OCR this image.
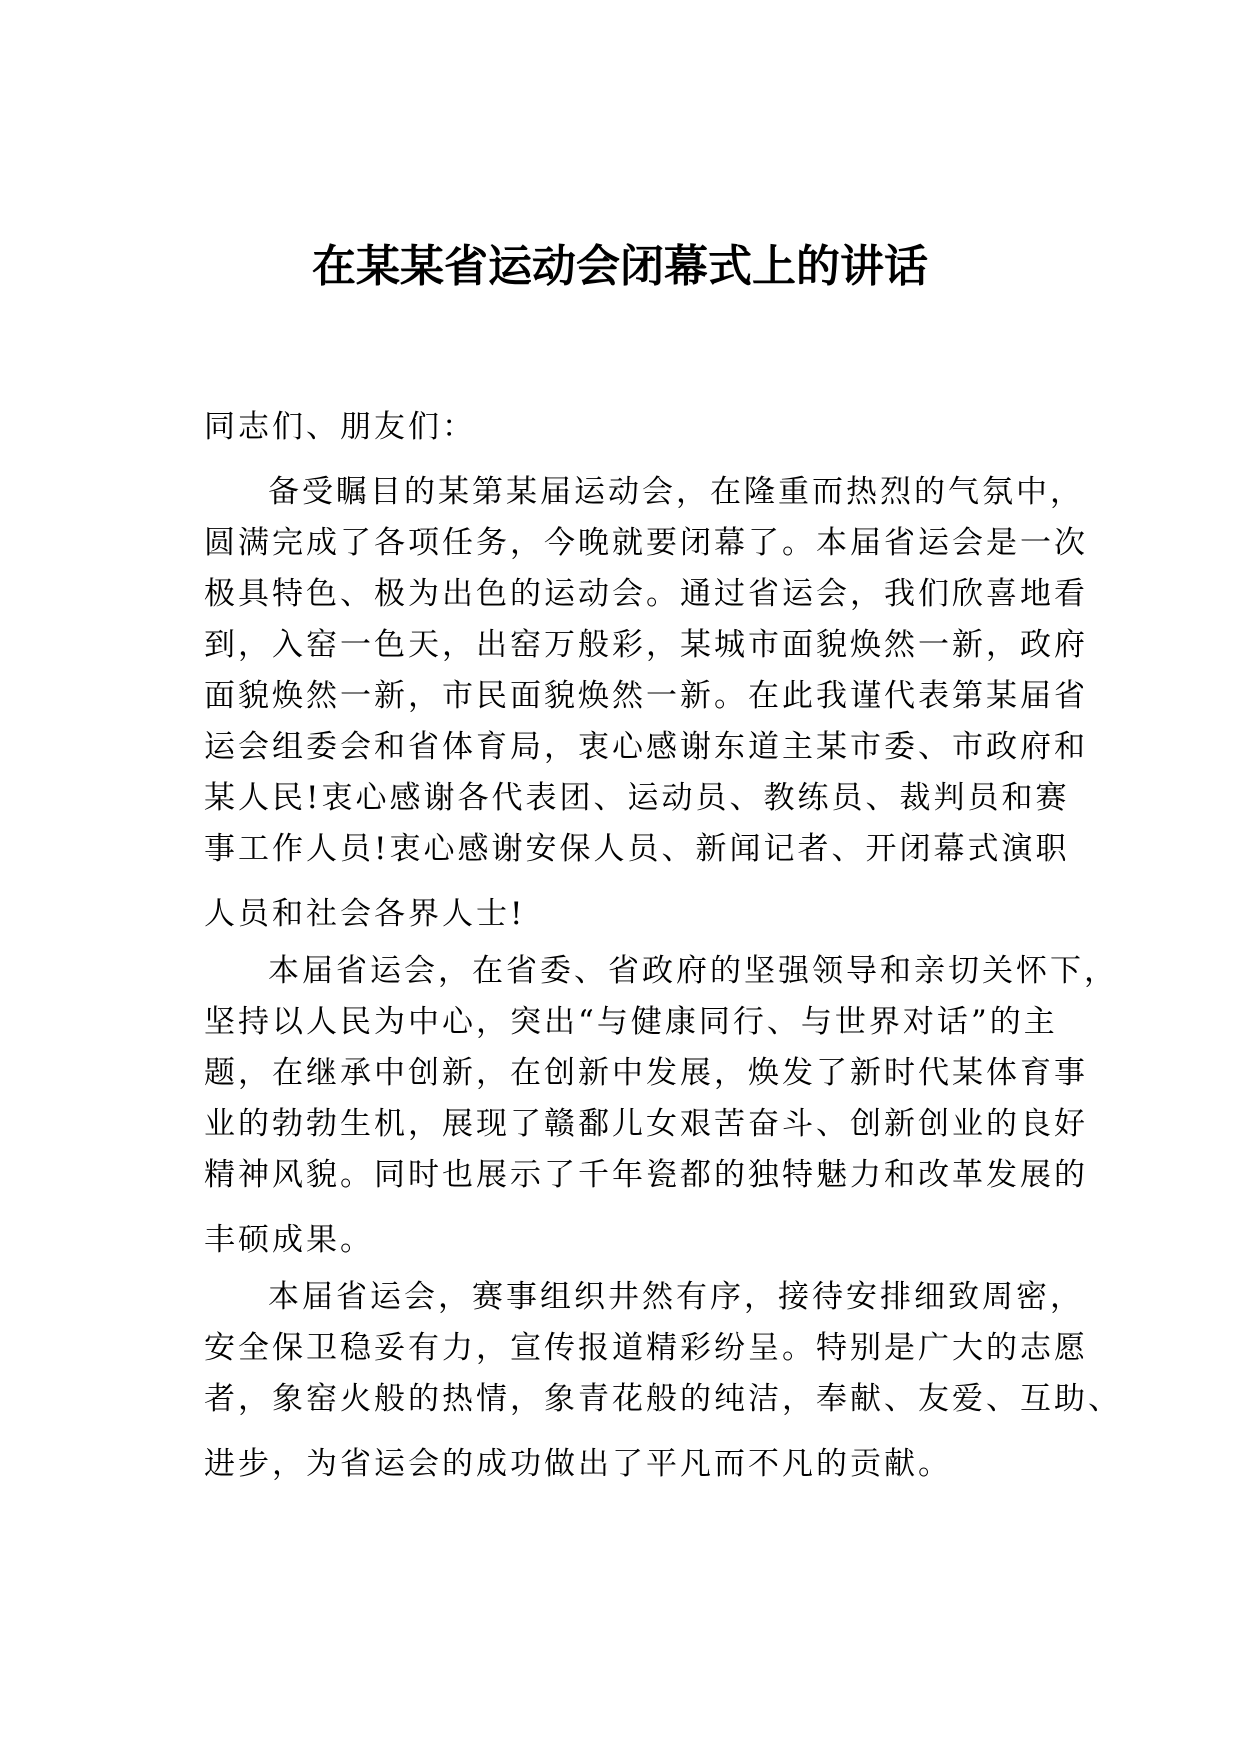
在某某省运动会闭幕式上的讲话

同志们、朋友们：

备受瞩目的某第某届运动会，在隆重而热烈的气氛中，
圆满完成了各项任务，今晚就要闭幕了。本届省运会是一次
极具特色、极为出色的运动会。通过省运会，我们欣喜地看
到，入窑一色天，出窑万般彩，某城市面貌焕然一新，政府
面貌焕然一新，市民面貌焕然一新。在此我谨代表第某届省
运会组委会和省体育局，衷心感谢东道主某市委、市政府和
某人民!衷心感谢各代表团、运动员、教练员、裁判员和赛
事工作人员!衷心感谢安保人员、新闻记者、开闭幕式演职
人员和社会各界人士!

本届省运会，在省委、省政府的坚强领导和亲切关怀下，
坚持以人民为中心，突出“与健康同行、与世界对话”的主
题，在继承中创新，在创新中发展，焕发了新时代某体育事
业的勃勃生机，展现了赣鄱儿女艰苦奋斗、创新创业的良好
精神风貌。同时也展示了千年瓷都的独特魅力和改革发展的
丰硕成果。

本届省运会，赛事组织井然有序，接待安排细致周密，
安全保卫稳妥有力，宣传报道精彩纷呈。特别是广大的志愿
者，象窑火般的热情，象青花般的纯洁，奉献、友爱、互助、
进步，为省运会的成功做出了平凡而不凡的贡献。
